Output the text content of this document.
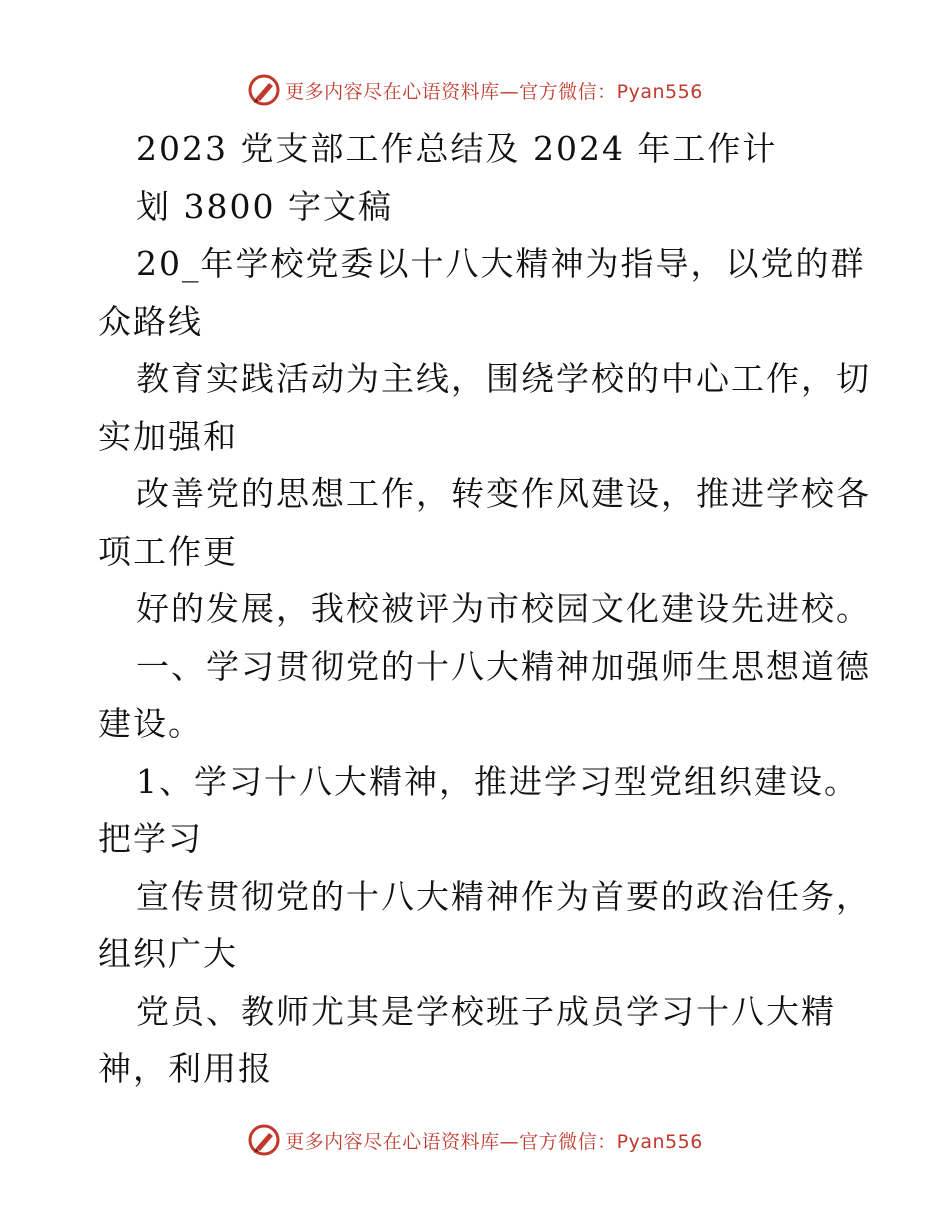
更多内容尽在心语资料库—官方微信：Pyan556
2023 党支部工作总结及 2024 年工作计
划 3800 字文稿
20_年学校党委以十八大精神为指导，以党的群
众路线
教育实践活动为主线，围绕学校的中心工作，切
实加强和
改善党的思想工作，转变作风建设，推进学校各
项工作更
好的发展，我校被评为市校园文化建设先进校。
一、学习贯彻党的十八大精神加强师生思想道德
建设。
1、学习十八大精神，推进学习型党组织建设。
把学习
宣传贯彻党的十八大精神作为首要的政治任务，
组织广大
党员、教师尤其是学校班子成员学习十八大精
神，利用报
更多内容尽在心语资料库—官方微信：Pyan556
